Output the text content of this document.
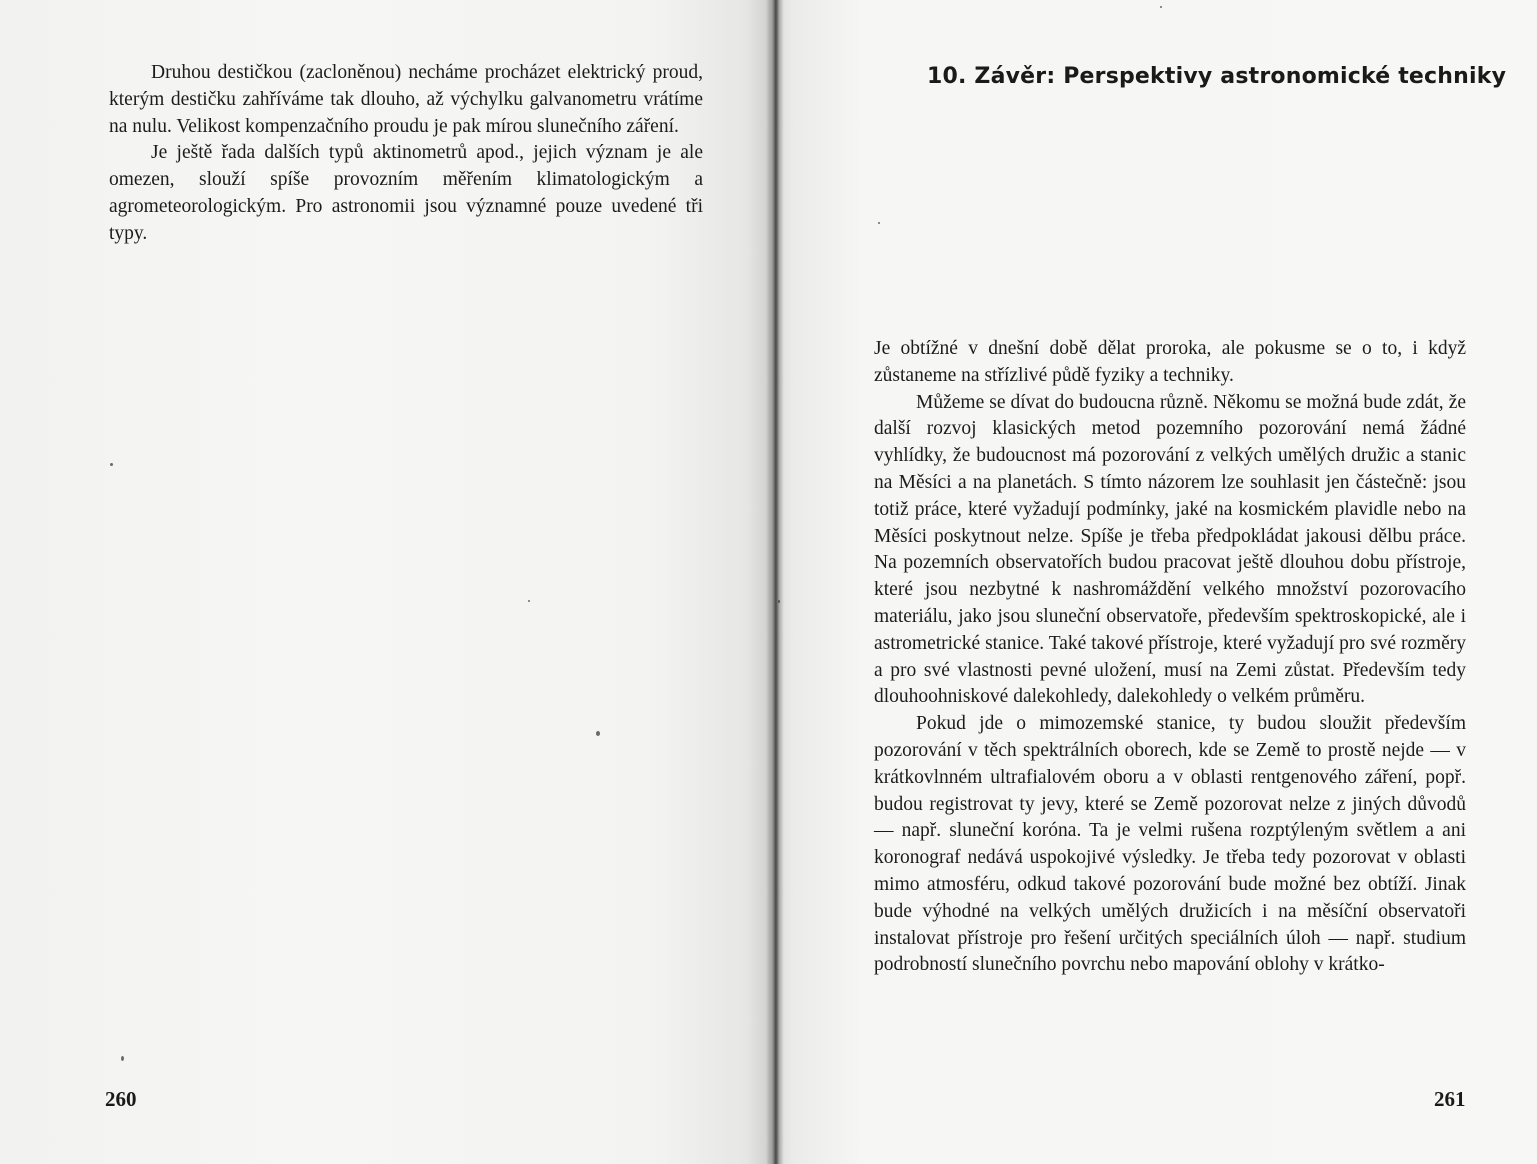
Druhou destičkou (zacloněnou) necháme procházet elektrický proud, kterým destičku zahříváme tak dlouho, až výchylku galvanometru vrátíme na nulu. Velikost kompenzačního proudu je pak mírou slunečního záření.

Je ještě řada dalších typů aktinometrů apod., jejich význam je ale omezen, slouží spíše provozním měřením klimatologickým a agrometeorologickým. Pro astronomii jsou významné pouze uvedené tři typy.

260
10. Závěr: Perspektivy astronomické techniky

Je obtížné v dnešní době dělat proroka, ale pokusme se o to, i když zůstaneme na střízlivé půdě fyziky a techniky.

Můžeme se dívat do budoucna různě. Někomu se možná bude zdát, že další rozvoj klasických metod pozemního pozorování nemá žádné vyhlídky, že budoucnost má pozorování z velkých umělých družic a stanic na Měsíci a na planetách. S tímto názorem lze souhlasit jen částečně: jsou totiž práce, které vyžadují podmínky, jaké na kosmickém plavidle nebo na Měsíci poskytnout nelze. Spíše je třeba předpokládat jakousi dělbu práce. Na pozemních observatořích budou pracovat ještě dlouhou dobu přístroje, které jsou nezbytné k nashromáždění velkého množství pozorovacího materiálu, jako jsou sluneční observatoře, především spektroskopické, ale i astrometrické stanice. Také takové přístroje, které vyžadují pro své rozměry a pro své vlastnosti pevné uložení, musí na Zemi zůstat. Především tedy dlouhoohniskové dalekohledy, dalekohledy o velkém průměru.

Pokud jde o mimozemské stanice, ty budou sloužit především pozorování v těch spektrálních oborech, kde se Země to prostě nejde — v krátkovlnném ultrafialovém oboru a v oblasti rentgenového záření, popř. budou registrovat ty jevy, které se Země pozorovat nelze z jiných důvodů — např. sluneční koróna. Ta je velmi rušena rozptýleným světlem a ani koronograf nedává uspokojivé výsledky. Je třeba tedy pozorovat v oblasti mimo atmosféru, odkud takové pozorování bude možné bez obtíží. Jinak bude výhodné na velkých umělých družicích i na měsíční observatoři instalovat přístroje pro řešení určitých speciálních úloh — např. studium podrobností slunečního povrchu nebo mapování oblohy v krátko-

261
